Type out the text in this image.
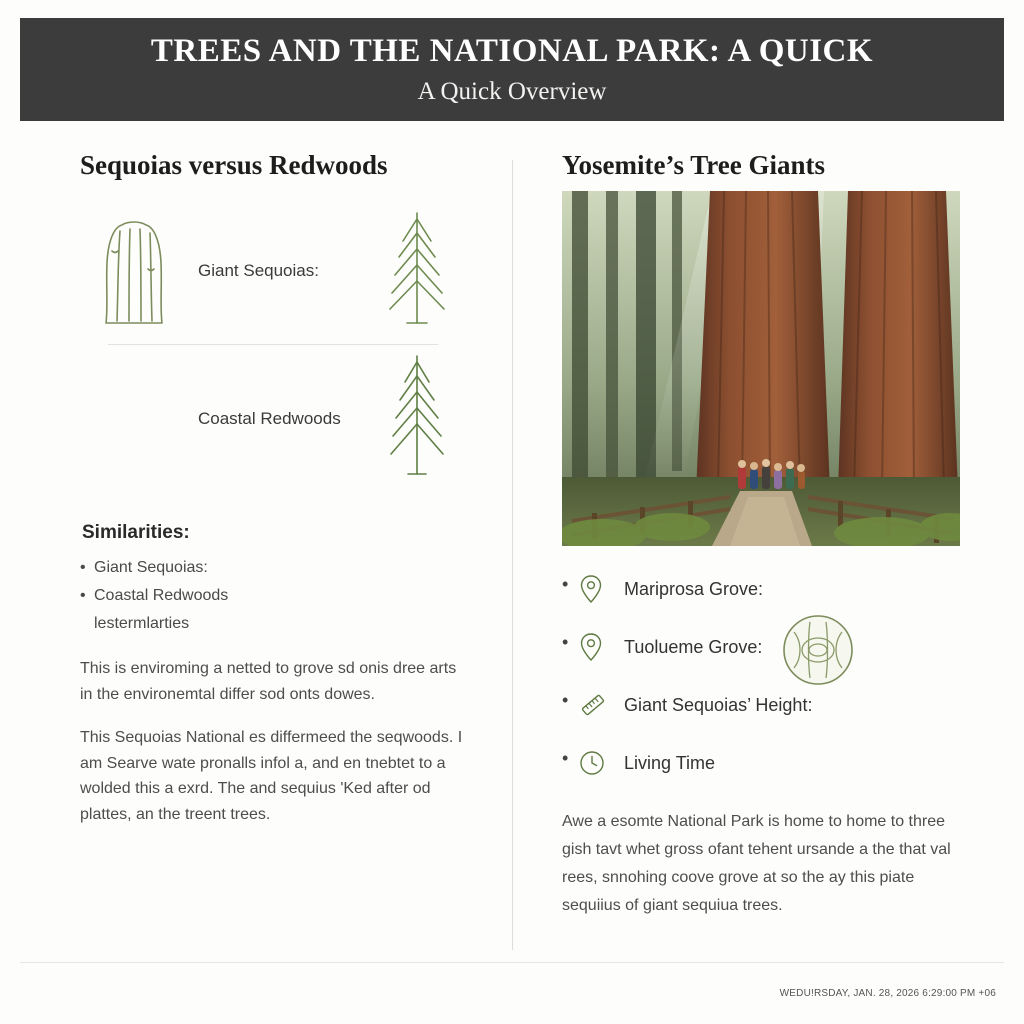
TREES AND THE NATIONAL PARK: A QUICK
A Quick Overview
Sequoias versus Redwoods
Giant Sequoias:
Coastal Redwoods
Similarities:
• Giant Sequoias:
• Coastal Redwoods
lestermlarties

This is enviroming a netted to grove sd onis dree arts in the environemtal differ sod onts dowes.

This Sequoias National es differmeed the seqwoods. I am Searve wate pronalls infol a, and en tnebtet to a wolded this a exrd. The and sequius 'Ked after od plattes, an the treent trees.

Yosemite’s Tree Giants
• Mariprosa Grove:
• Tuolueme Grove:
• Giant Sequoias’ Height:
• Living Time

Awe a esomte National Park is home to home to three gish tavt whet gross ofant tehent ursande a the that val rees, snnohing coove grove at so the ay this piate sequiius of giant sequiua trees.

WEDU!RSDAY, JAN. 28, 2026 6:29:00 PM +06
